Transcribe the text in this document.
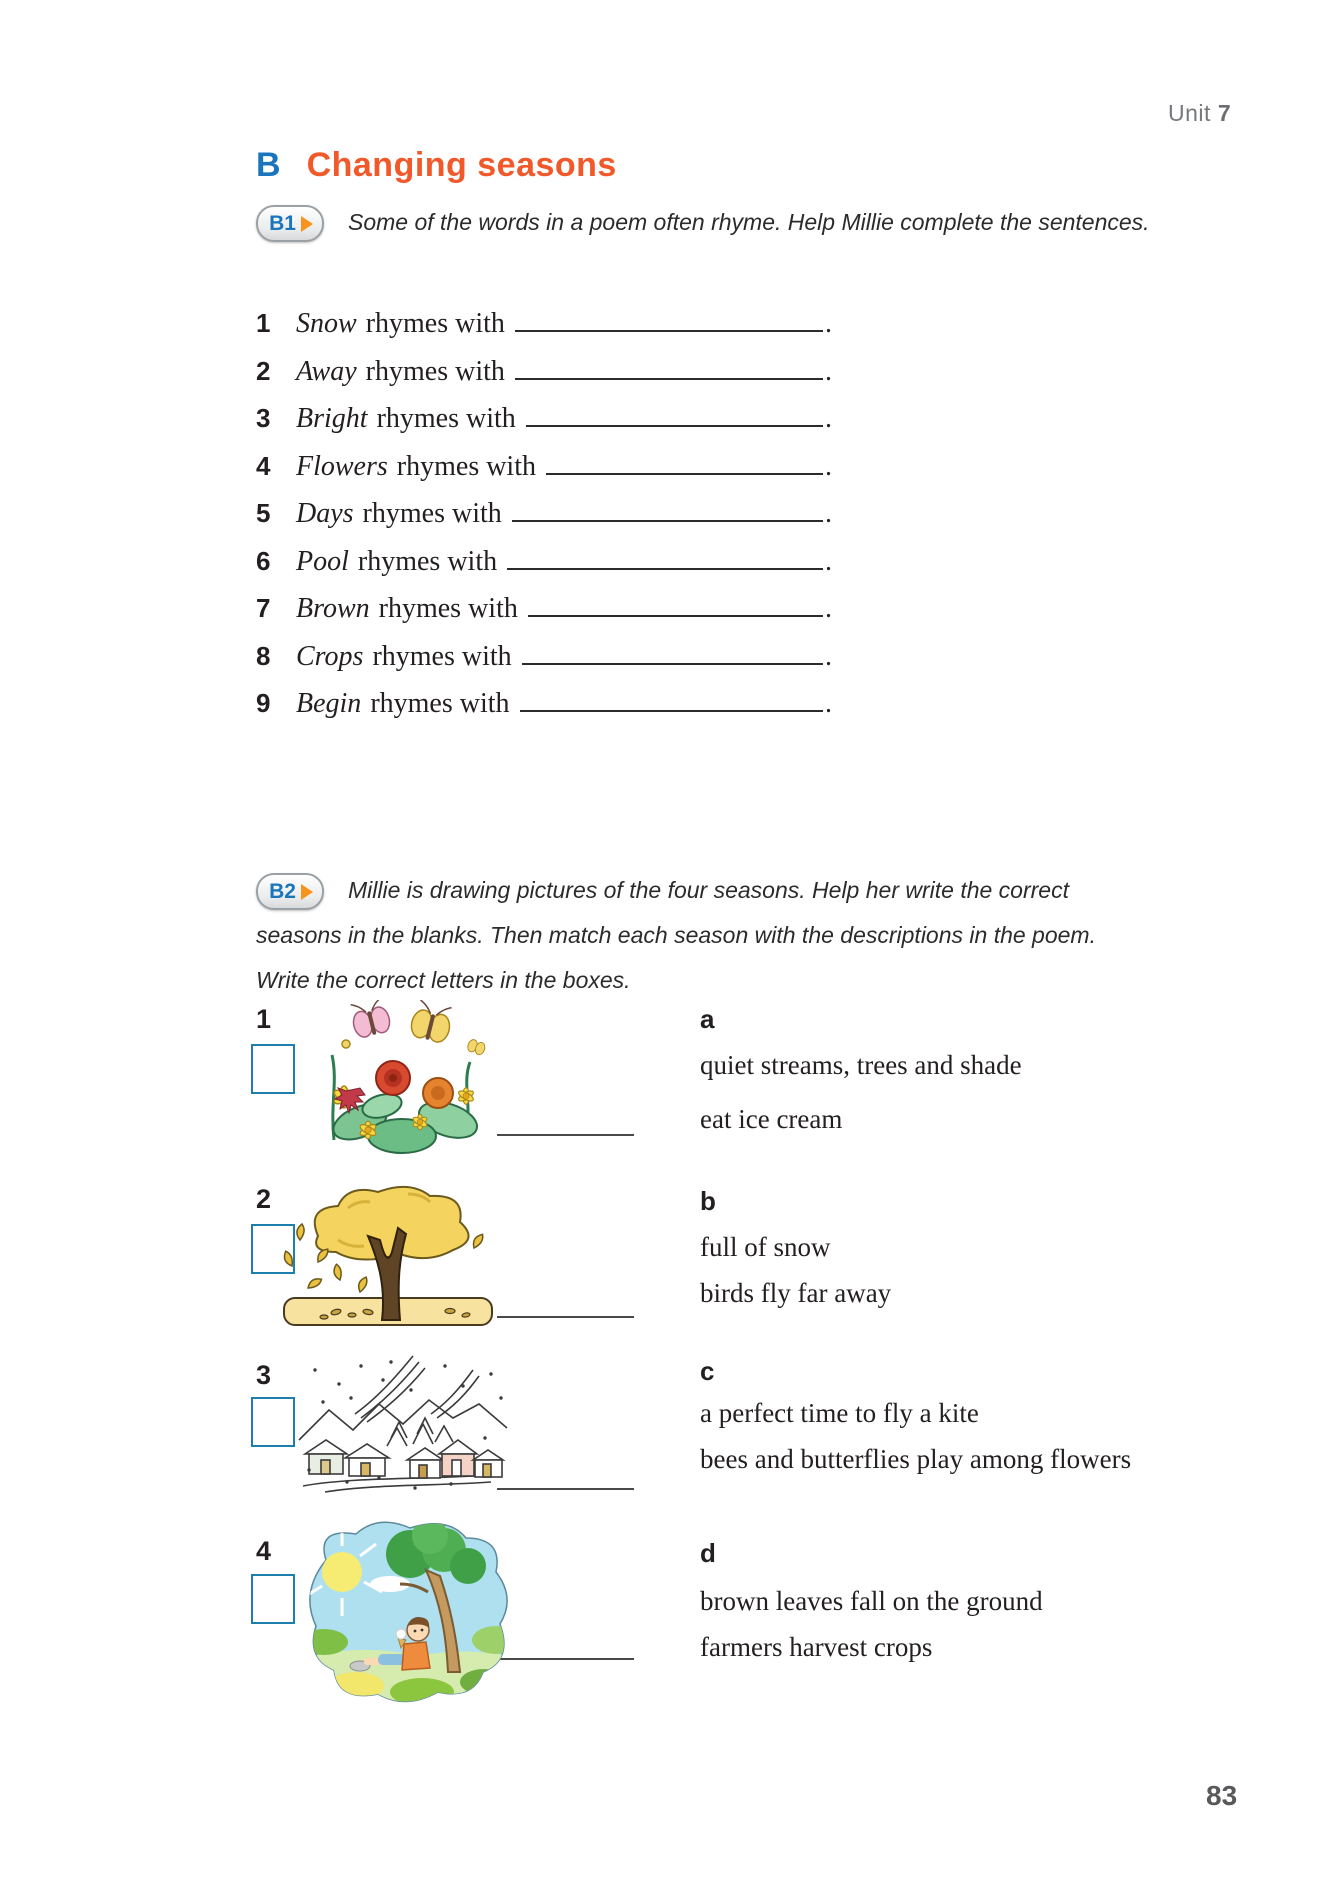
Unit 7
B Changing seasons
B1 Some of the words in a poem often rhyme. Help Millie complete the sentences.
1 Snow rhymes with	.
2 Away rhymes with	.
3 Bright rhymes with	.
4 Flowers rhymes with	.
5 Days rhymes with	.
6 Pool rhymes with	.
7 Brown rhymes with	.
8 Crops rhymes with	.
9 Begin rhymes with	.
B2 Millie is drawing pictures of the four seasons. Help her write the correct seasons in the blanks. Then match each season with the descriptions in the poem. Write the correct letters in the boxes.
1
2
3
4
a
quiet streams, trees and shade
eat ice cream
b
full of snow
birds fly far away
c
a perfect time to fly a kite
bees and butterflies play among flowers
d
brown leaves fall on the ground
farmers harvest crops
83
